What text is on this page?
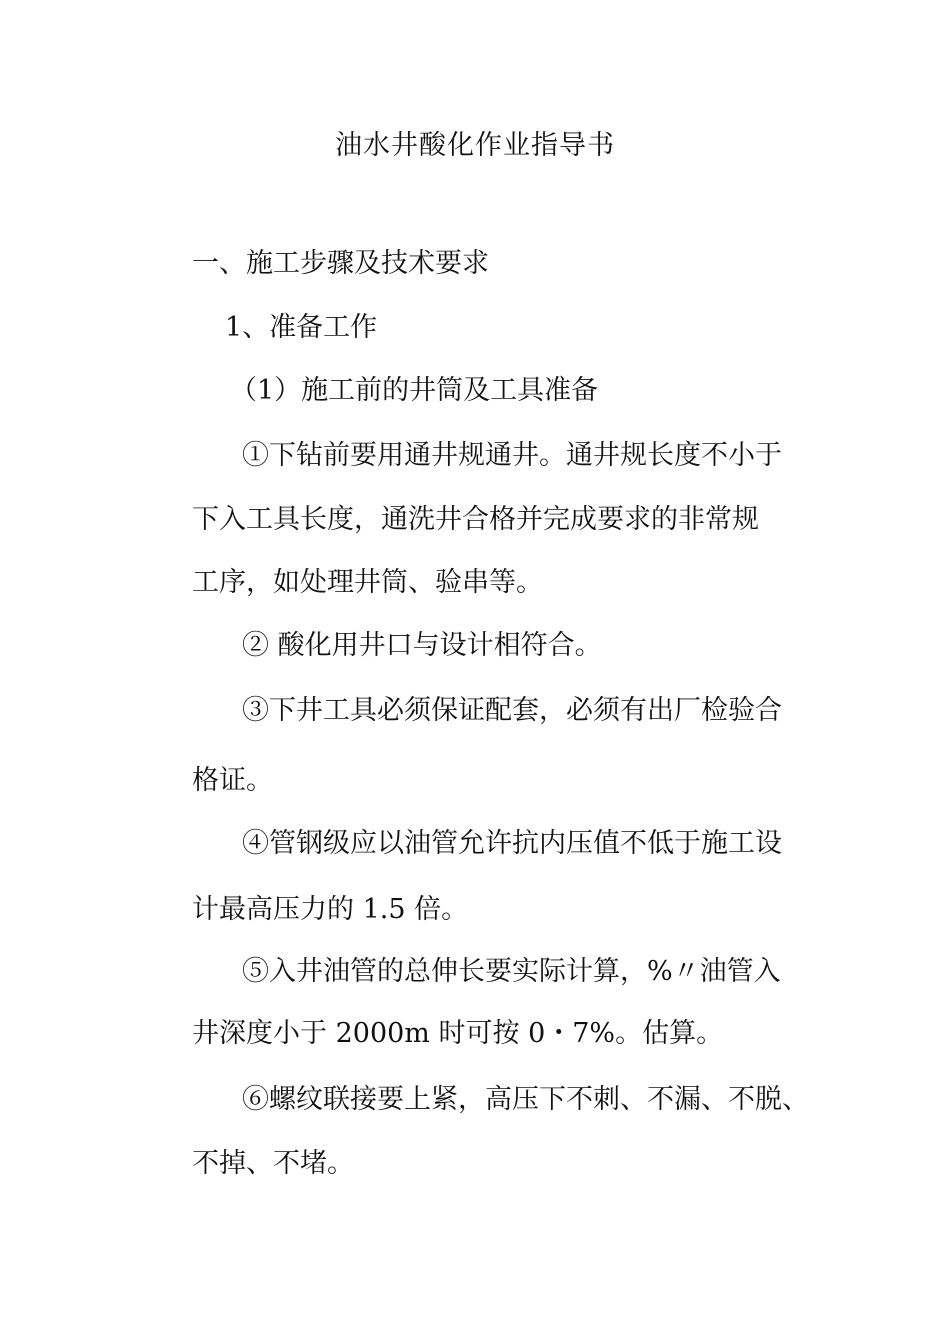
油水井酸化作业指导书
一、施工步骤及技术要求
1、准备工作
（1）施工前的井筒及工具准备
①下钻前要用通井规通井。通井规长度不小于
下入工具长度，通洗井合格并完成要求的非常规
工序，如处理井筒、验串等。
② 酸化用井口与设计相符合。
③下井工具必须保证配套，必须有出厂检验合
格证。
④管钢级应以油管允许抗内压值不低于施工设
计最高压力的 1.5 倍。
⑤入井油管的总伸长要实际计算，%〃油管入
井深度小于 2000m 时可按 0・7%。估算。
⑥螺纹联接要上紧，高压下不刺、不漏、不脱、
不掉、不堵。
